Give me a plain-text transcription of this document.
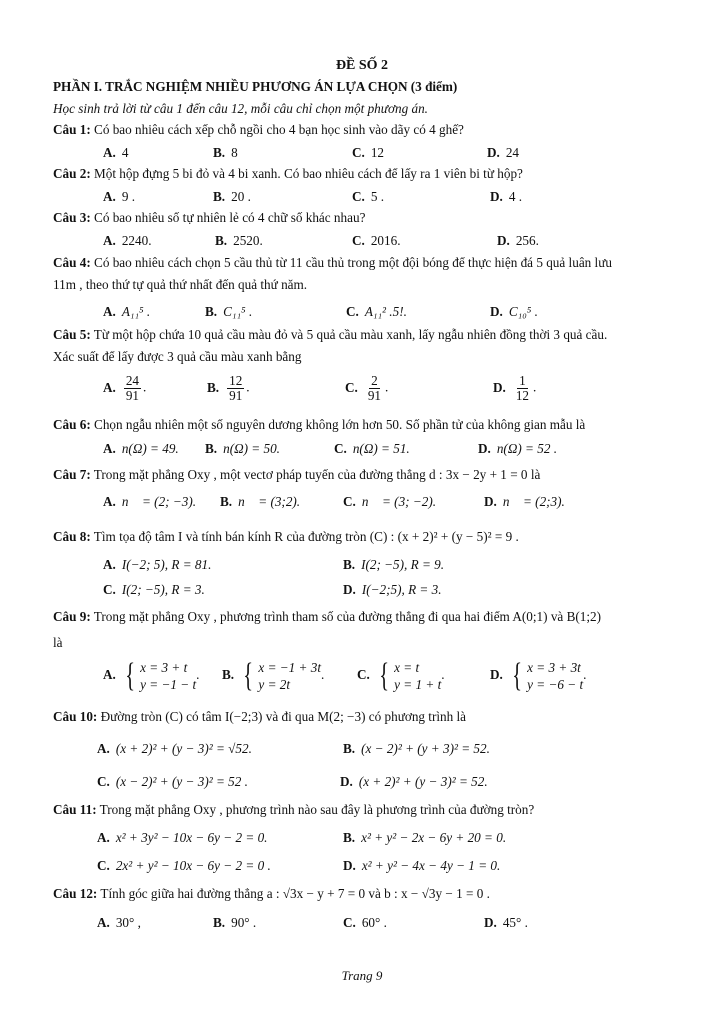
ĐỀ SỐ 2
PHẦN I. TRẮC NGHIỆM NHIỀU PHƯƠNG ÁN LỰA CHỌN (3 điểm)
Học sinh trả lời từ câu 1 đến câu 12, mỗi câu chỉ chọn một phương án.
Câu 1: Có bao nhiêu cách xếp chỗ ngồi cho 4 bạn học sinh vào dãy có 4 ghế?
A. 4	B. 8	C. 12	D. 24
Câu 2: Một hộp đựng 5 bi đỏ và 4 bi xanh. Có bao nhiêu cách để lấy ra 1 viên bi từ hộp?
A. 9 .	B. 20 .	C. 5 .	D. 4 .
Câu 3: Có bao nhiêu số tự nhiên lẻ có 4 chữ số khác nhau?
A. 2240.	B. 2520.	C. 2016.	D. 256.
Câu 4: Có bao nhiêu cách chọn 5 cầu thủ từ 11 cầu thủ trong một đội bóng để thực hiện đá 5 quả luân lưu
11m , theo thứ tự quả thứ nhất đến quả thứ năm.
A. A₁₁⁵ .	B. C₁₁⁵ .	C. A₁₁² .5!.	D. C₁₀⁵ .
Câu 5: Từ một hộp chứa 10 quả cầu màu đỏ và 5 quả cầu màu xanh, lấy ngẫu nhiên đồng thời 3 quả cầu.
Xác suất để lấy được 3 quả cầu màu xanh bằng
A. $\frac{24}{91}$ .	B. $\frac{12}{91}$ .	C. $\frac{2}{91}$ .	D. $\frac{1}{12}$ .
Câu 6: Chọn ngẫu nhiên một số nguyên dương không lớn hơn 50. Số phần tử của không gian mẫu là
A. n(Ω) = 49. B. n(Ω) = 50.	C. n(Ω) = 51.	D. n(Ω) = 52 .
Câu 7: Trong mặt phẳng Oxy , một vectơ pháp tuyến của đường thẳng d : 3x − 2y + 1 = 0 là
A. n⃗ = (2; −3). B. n⃗ = (3;2).	C. n⃗ = (3; −2).	D. n⃗ = (2;3).
Câu 8: Tìm tọa độ tâm I và tính bán kính R của đường tròn (C) : (x + 2)² + (y − 5)² = 9 .
A. I(−2; 5), R = 81.	B. I(2; −5), R = 9.
C. I(2; −5), R = 3.	D. I(−2;5), R = 3.
Câu 9: Trong mặt phẳng Oxy , phương trình tham số của đường thẳng đi qua hai điểm A(0;1) và B(1;2)
là
A. { x = 3 + t
y = −1 − t
. B. { x = −1 + 3t
y = 2t
. C. { x = t
y = 1 + t
.	D. { x = 3 + 3t
y = −6 − t
.
Câu 10: Đường tròn (C) có tâm I(−2;3) và đi qua M(2; −3) có phương trình là
A. (x + 2)² + (y − 3)² = √52.	B. (x − 2)² + (y + 3)² = 52.
C. (x − 2)² + (y − 3)² = 52 .	D. (x + 2)² + (y − 3)² = 52.
Câu 11: Trong mặt phẳng Oxy , phương trình nào sau đây là phương trình của đường tròn?
A. x² + 3y² − 10x − 6y − 2 = 0.	B. x² + y² − 2x − 6y + 20 = 0.
C. 2x² + y² − 10x − 6y − 2 = 0 .	D. x² + y² − 4x − 4y − 1 = 0.
Câu 12: Tính góc giữa hai đường thẳng a : √3x − y + 7 = 0 và b : x − √3y − 1 = 0 .
A. 30° ,	B. 90° .	C. 60° .	D. 45° .
Trang 9
